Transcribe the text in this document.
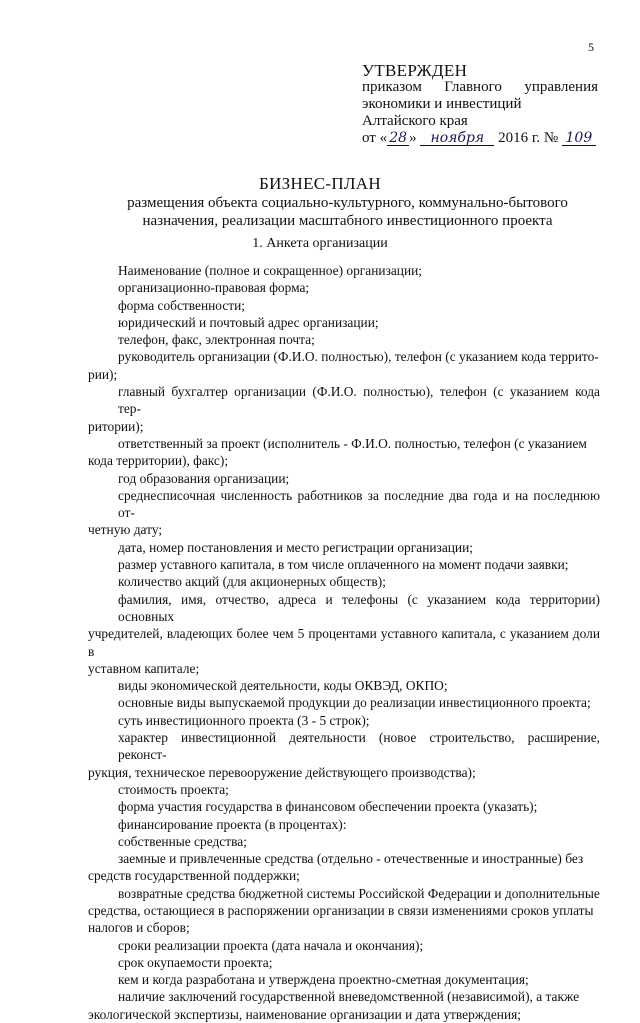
5
УТВЕРЖДЕН
приказом Главного управления
экономики и инвестиций
Алтайского края
от « 28 » ноября 2016 г. № 109
БИЗНЕС-ПЛАН
размещения объекта социально-культурного, коммунально-бытового назначения, реализации масштабного инвестиционного проекта
1. Анкета организации
Наименование (полное и сокращенное) организации;
организационно-правовая форма;
форма собственности;
юридический и почтовый адрес организации;
телефон, факс, электронная почта;
руководитель организации (Ф.И.О. полностью), телефон (с указанием кода террито-
рии);
главный бухгалтер организации (Ф.И.О. полностью), телефон (с указанием кода тер-
ритории);
ответственный за проект (исполнитель - Ф.И.О. полностью, телефон (с указанием
кода территории), факс);
год образования организации;
среднесписочная численность работников за последние два года и на последнюю от-
четную дату;
дата, номер постановления и место регистрации организации;
размер уставного капитала, в том числе оплаченного на момент подачи заявки;
количество акций (для акционерных обществ);
фамилия, имя, отчество, адреса и телефоны (с указанием кода территории) основных
учредителей, владеющих более чем 5 процентами уставного капитала, с указанием доли в
уставном капитале;
виды экономической деятельности, коды ОКВЭД, ОКПО;
основные виды выпускаемой продукции до реализации инвестиционного проекта;
суть инвестиционного проекта (3 - 5 строк);
характер инвестиционной деятельности (новое строительство, расширение, реконст-
рукция, техническое перевооружение действующего производства);
стоимость проекта;
форма участия государства в финансовом обеспечении проекта (указать);
финансирование проекта (в процентах):
собственные средства;
заемные и привлеченные средства (отдельно - отечественные и иностранные) без
средств государственной поддержки;
возвратные средства бюджетной системы Российской Федерации и дополнительные
средства, остающиеся в распоряжении организации в связи изменениями сроков уплаты
налогов и сборов;
сроки реализации проекта (дата начала и окончания);
срок окупаемости проекта;
кем и когда разработана и утверждена проектно-сметная документация;
наличие заключений государственной вневедомственной (независимой), а также
экологической экспертизы, наименование организации и дата утверждения;
